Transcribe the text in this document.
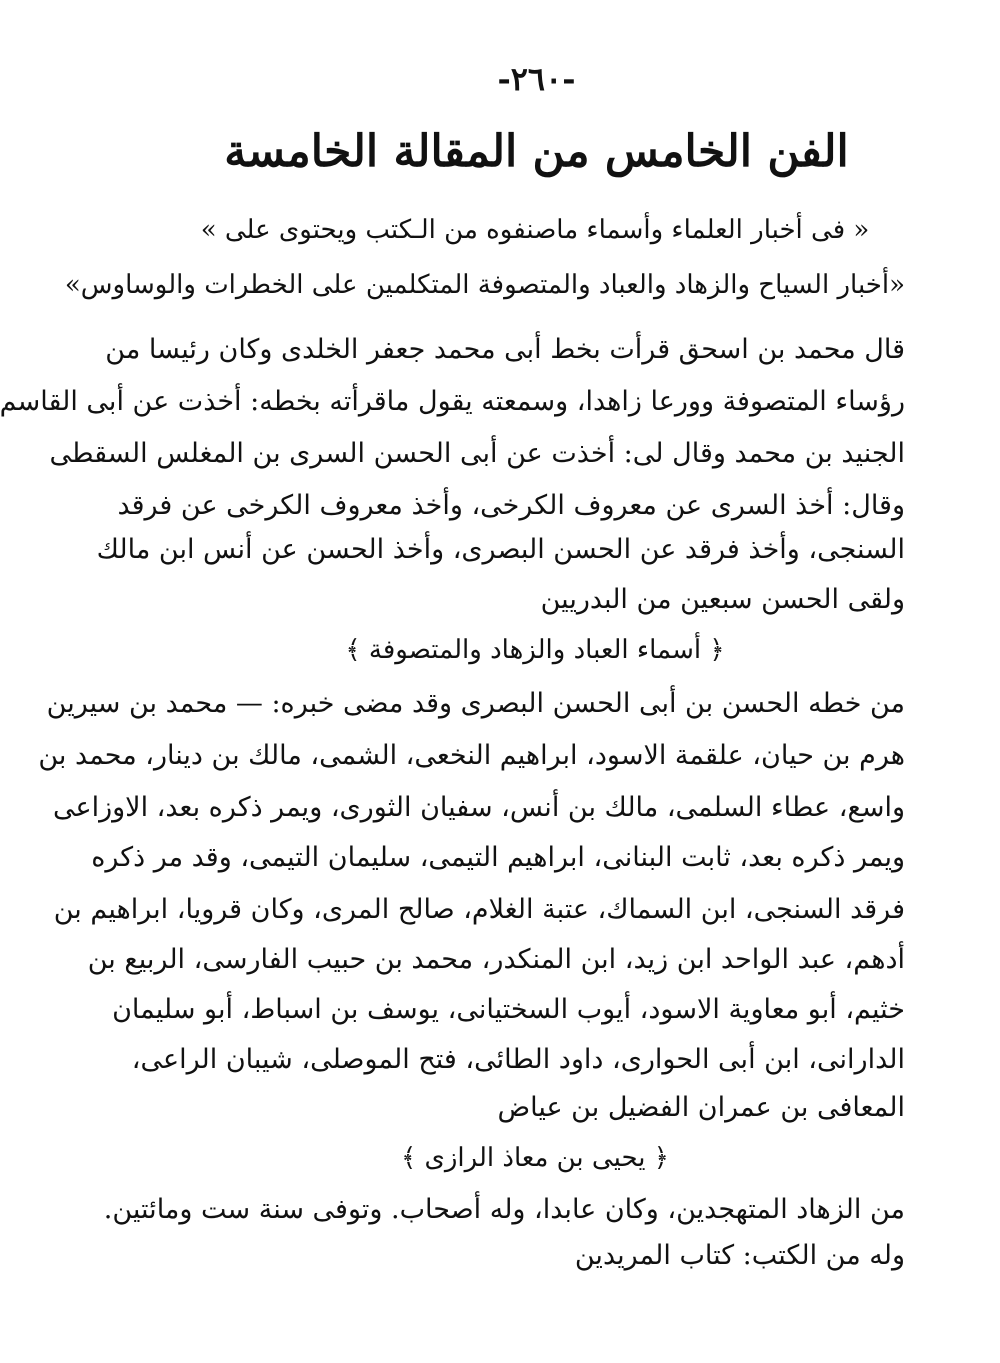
-٢٦٠-
الفن الخامس من المقالة الخامسة
« فى أخبار العلماء وأسماء ماصنفوه من الـكتب ويحتوى على »
«أخبار السياح والزهاد والعباد والمتصوفة المتكلمين على الخطرات والوساوس»
قال محمد بن اسحق قرأت بخط أبى محمد جعفر الخلدى وكان رئيسا من
رؤساء المتصوفة وورعا زاهدا، وسمعته يقول ماقرأته بخطه: أخذت عن أبى القاسم
الجنيد بن محمد وقال لى: أخذت عن أبى الحسن السرى بن المغلس السقطى
وقال: أخذ السرى عن معروف الكرخى، وأخذ معروف الكرخى عن فرقد
السنجى، وأخذ فرقد عن الحسن البصرى، وأخذ الحسن عن أنس ابن مالك
ولقى الحسن سبعين من البدريين
﴿ أسماء العباد والزهاد والمتصوفة ﴾
من خطه الحسن بن أبى الحسن البصرى وقد مضى خبره: — محمد بن سيرين
هرم بن حيان، علقمة الاسود، ابراهيم النخعى، الشمى، مالك بن دينار، محمد بن
واسع، عطاء السلمى، مالك بن أنس، سفيان الثورى، ويمر ذكره بعد، الاوزاعى
ويمر ذكره بعد، ثابت البنانى، ابراهيم التيمى، سليمان التيمى، وقد مر ذكره
فرقد السنجى، ابن السماك، عتبة الغلام، صالح المرى، وكان قرويا، ابراهيم بن
أدهم، عبد الواحد ابن زيد، ابن المنكدر، محمد بن حبيب الفارسى، الربيع بن
خثيم، أبو معاوية الاسود، أيوب السختيانى، يوسف بن اسباط، أبو سليمان
الدارانى، ابن أبى الحوارى، داود الطائى، فتح الموصلى، شيبان الراعى،
المعافى بن عمران الفضيل بن عياض
﴿ يحيى بن معاذ الرازى ﴾
من الزهاد المتهجدين، وكان عابدا، وله أصحاب. وتوفى سنة ست ومائتين.
وله من الكتب: كتاب المريدين
